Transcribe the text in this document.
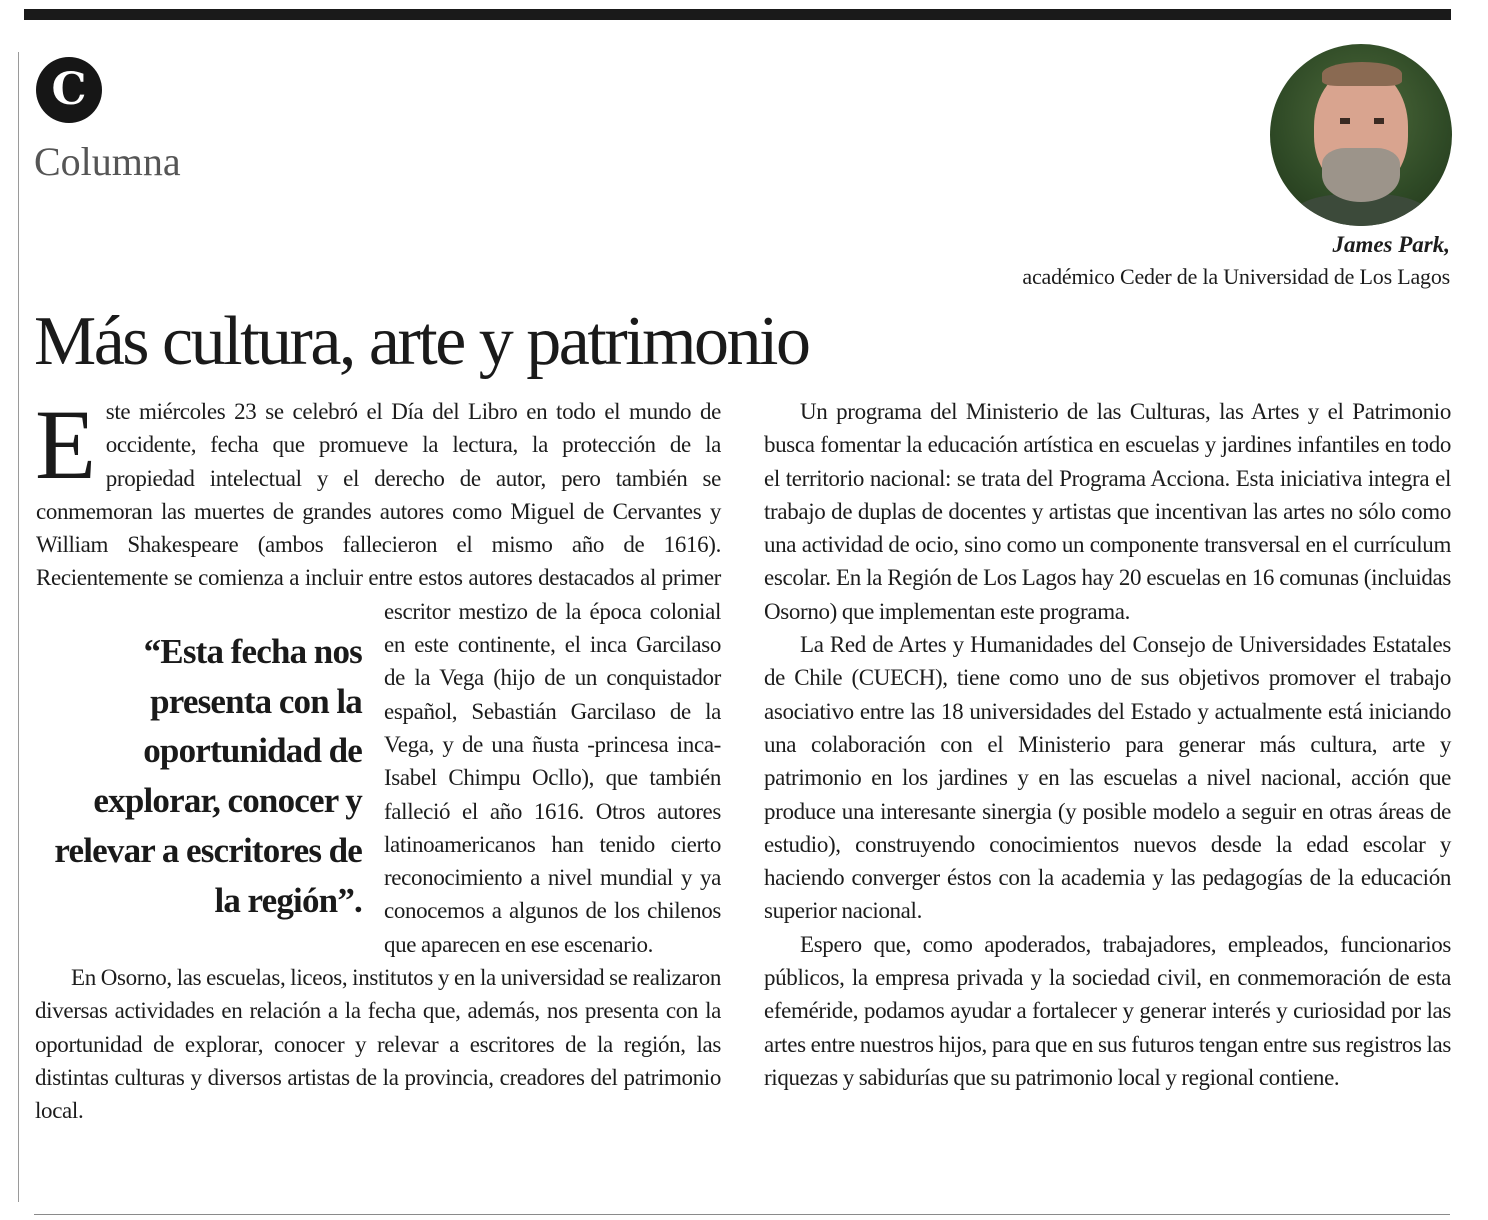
C
Columna
James Park,
académico Ceder de la Universidad de Los Lagos
Más cultura, arte y patrimonio
E
“Esta fecha nos presenta con la oportunidad de explorar, conocer y relevar a escritores de la región”.

ste miércoles 23 se celebró el Día del Libro en todo el mundo de occidente, fecha que promueve la lectura, la protección de la propiedad intelectual y el derecho de autor, pero también se conmemoran las muertes de grandes autores como Miguel de Cervantes y William Shakespeare (ambos fallecieron el mismo año de 1616). Recientemente se comienza a incluir entre estos autores destacados al primer escritor mestizo de la época colonial en este continente, el inca Garcilaso de la Vega (hijo de un conquistador español, Sebastián Garcilaso de la Vega, y de una ñusta -princesa inca- Isabel Chimpu Ocllo), que también falleció el año 1616. Otros autores latinoamericanos han tenido cierto reconocimiento a nivel mundial y ya conocemos a algunos de los chilenos que aparecen en ese escenario.

En Osorno, las escuelas, liceos, institutos y en la universidad se realizaron diversas actividades en relación a la fecha que, además, nos presenta con la oportunidad de explorar, conocer y relevar a escritores de la región, las distintas culturas y diversos artistas de la provincia, creadores del patrimonio local.

Un programa del Ministerio de las Culturas, las Artes y el Patrimonio busca fomentar la educación artística en escuelas y jardines infantiles en todo el territorio nacional: se trata del Programa Acciona. Esta iniciativa integra el trabajo de duplas de docentes y artistas que incentivan las artes no sólo como una actividad de ocio, sino como un componente transversal en el currículum escolar. En la Región de Los Lagos hay 20 escuelas en 16 comunas (incluidas Osorno) que implementan este programa.

La Red de Artes y Humanidades del Consejo de Universidades Estatales de Chile (CUECH), tiene como uno de sus objetivos promover el trabajo asociativo entre las 18 universidades del Estado y actualmente está iniciando una colaboración con el Ministerio para generar más cultura, arte y patrimonio en los jardines y en las escuelas a nivel nacional, acción que produce una interesante sinergia (y posible modelo a seguir en otras áreas de estudio), construyendo conocimientos nuevos desde la edad escolar y haciendo converger éstos con la academia y las pedagogías de la educación superior nacional.

Espero que, como apoderados, trabajadores, empleados, funcionarios públicos, la empresa privada y la sociedad civil, en conmemoración de esta efeméride, podamos ayudar a fortalecer y generar interés y curiosidad por las artes entre nuestros hijos, para que en sus futuros tengan entre sus registros las riquezas y sabidurías que su patrimonio local y regional contiene.
